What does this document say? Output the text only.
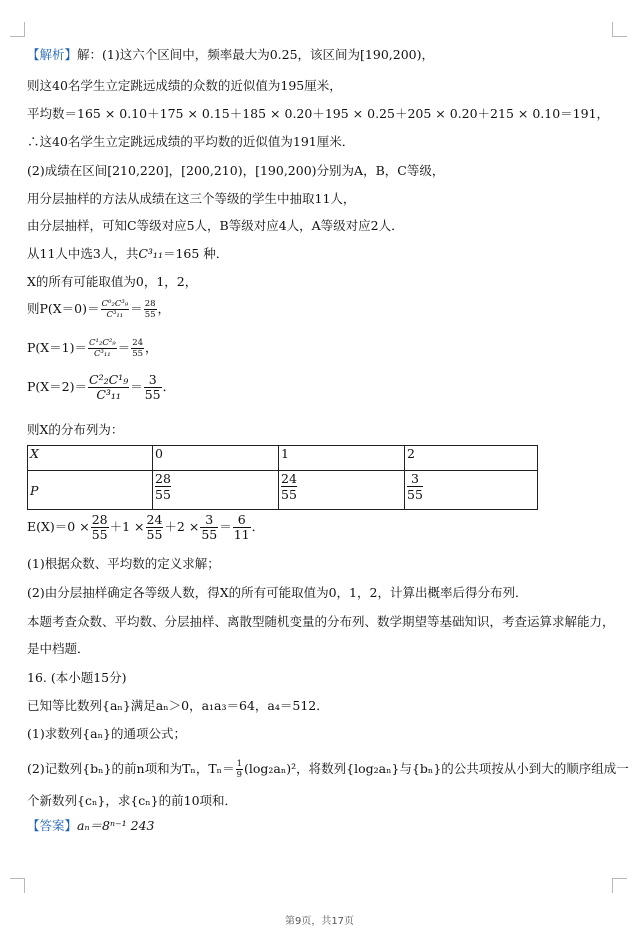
【解析】解：(1)这六个区间中，频率最大为0.25，该区间为[190,200)，
则这40名学生立定跳远成绩的众数的近似值为195厘米，
平均数＝165 × 0.10＋175 × 0.15＋185 × 0.20＋195 × 0.25＋205 × 0.20＋215 × 0.10＝191，
∴这40名学生立定跳远成绩的平均数的近似值为191厘米．
(2)成绩在区间[210,220]，[200,210)，[190,200)分别为A，B，C等级，
用分层抽样的方法从成绩在这三个等级的学生中抽取11人，
由分层抽样，可知C等级对应5人，B等级对应4人，A等级对应2人．
从11人中选3人，共C³₁₁＝165 种．
X的所有可能取值为0，1，2，
则$P(X=0)= \frac{\text{C⁰₂C³₉}}{\text{C³₁₁}} = \frac{28}{55}$ ，
$P(X=1)= \frac{\text{C¹₂C²₉}}{\text{C³₁₁}} = \frac{24}{55}$ ，
$P(X=2)= \frac{\text{C²₂C¹₉}}{\text{C³₁₁}} = \frac{3}{55}$ ．
则X的分布列为：
X	0	1	2
P	$\frac{28}{55}$	$\frac{24}{55}$	$\frac{3}{55}$
$E(X)=0 \times \frac{28}{55} +1 \times \frac{24}{55} +2 \times \frac{3}{55} = \frac{6}{11}$ ．
(1)根据众数、平均数的定义求解；
(2)由分层抽样确定各等级人数，得X的所有可能取值为0，1，2，计算出概率后得分布列．
本题考查众数、平均数、分层抽样、离散型随机变量的分布列、数学期望等基础知识，考查运算求解能力，
是中档题．
16. (本小题15分)
已知等比数列{aₙ}满足aₙ＞0，a₁a₃＝64，a₄＝512．
(1)求数列{aₙ}的通项公式；
(2)记数列{bₙ}的前n项和为Tₙ，$T_n= \frac{1}{9} (\log_2a_n)^2$，将数列{log₂aₙ}与{bₙ}的公共项按从小到大的顺序组成一
个新数列{cₙ}，求{cₙ}的前10项和．
【答案】aₙ＝8ⁿ⁻¹ 243
第9页，共17页
